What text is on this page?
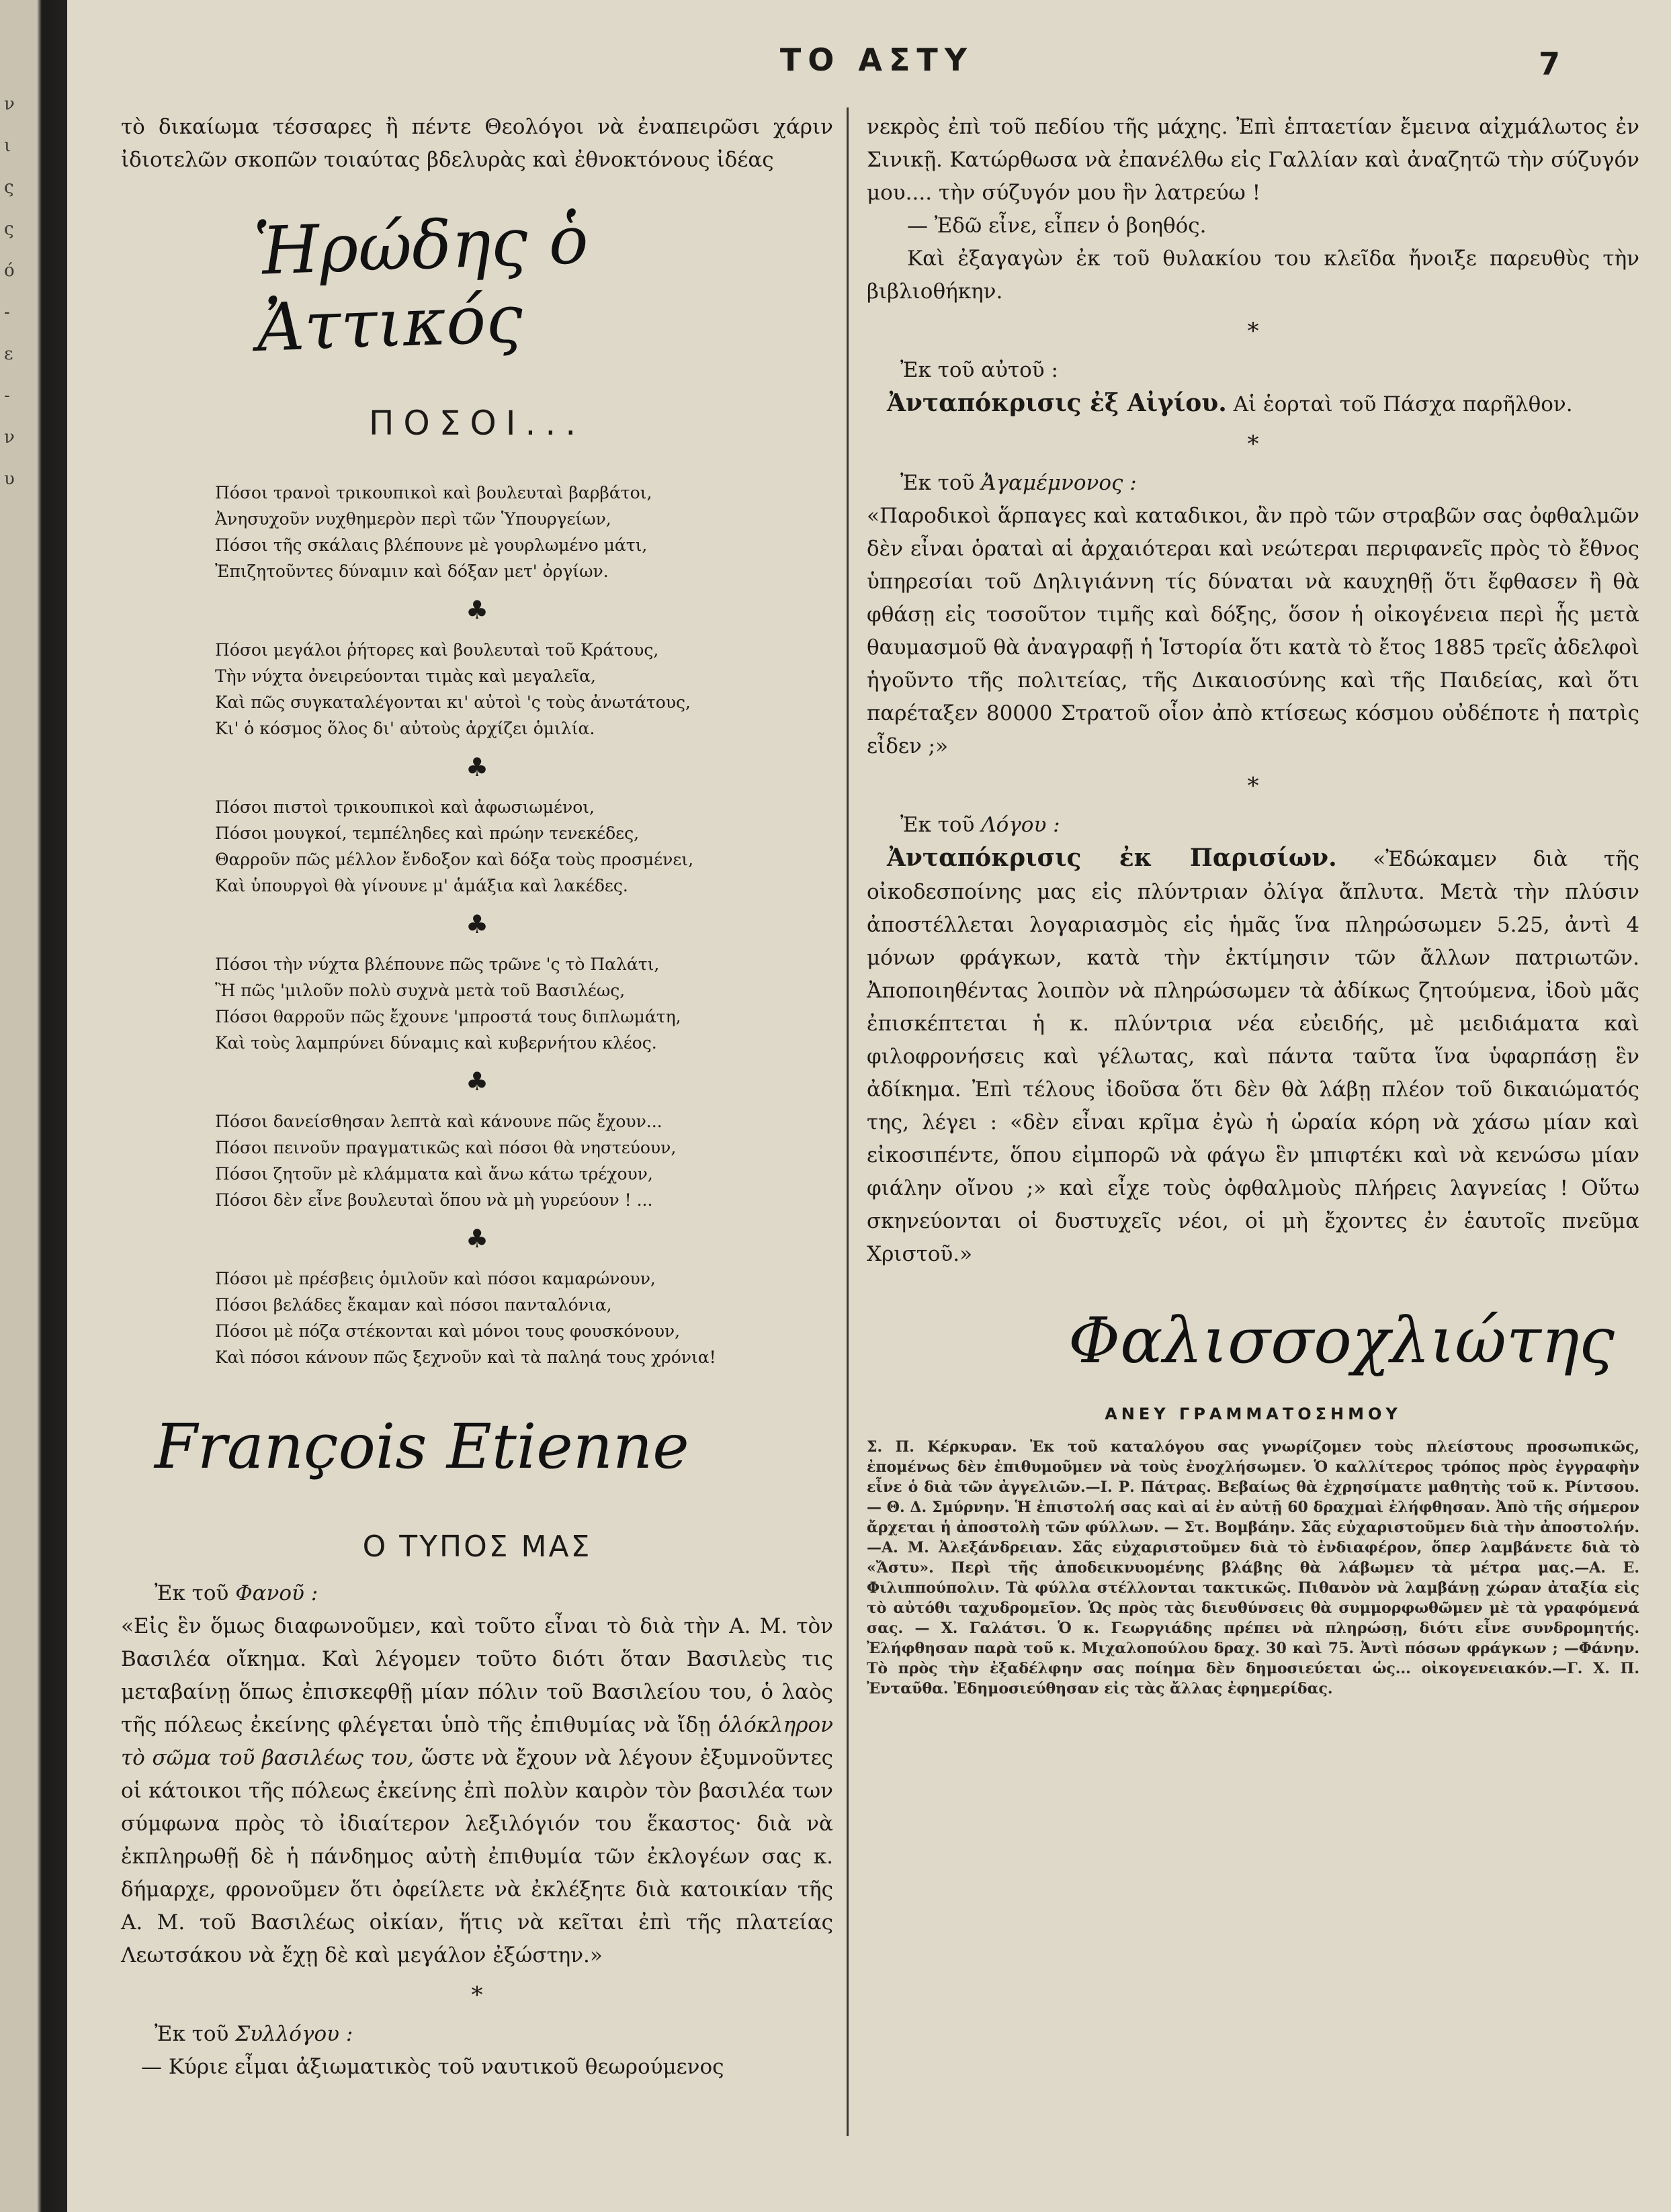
ν
ι
ς
ς
ό
-
ε
-
ν
υ
ΤΟ ΑΣΤΥ	7

τὸ δικαίωμα τέσσαρες ἢ πέντε Θεολόγοι νὰ ἐναπειρῶσι χάριν ἰδιοτελῶν σκοπῶν τοιαύτας βδελυρὰς καὶ ἐθνοκτόνους ἰδέας

Ἡρώδης ὁ Ἀττικός
ΠΟΣΟΙ...
Πόσοι τρανοὶ τρικουπικοὶ καὶ βουλευταὶ βαρβάτοι,
Ἀνησυχοῦν νυχθημερὸν περὶ τῶν Ὑπουργείων,
Πόσοι τῆς σκάλαις βλέπουνε μὲ γουρλωμένο μάτι,
Ἐπιζητοῦντες δύναμιν καὶ δόξαν μετ' ὀργίων.
♣
Πόσοι μεγάλοι ῥήτορες καὶ βουλευταὶ τοῦ Κράτους,
Τὴν νύχτα ὀνειρεύονται τιμὰς καὶ μεγαλεῖα,
Καὶ πῶς συγκαταλέγονται κι' αὐτοὶ 'ς τοὺς ἀνωτάτους,
Κι' ὁ κόσμος ὅλος δι' αὐτοὺς ἀρχίζει ὁμιλία.
♣
Πόσοι πιστοὶ τρικουπικοὶ καὶ ἀφωσιωμένοι,
Πόσοι μουγκοί, τεμπέληδες καὶ πρώην τενεκέδες,
Θαρροῦν πῶς μέλλον ἔνδοξον καὶ δόξα τοὺς προσμένει,
Καὶ ὑπουργοὶ θὰ γίνουνε μ' ἁμάξια καὶ λακέδες.
♣
Πόσοι τὴν νύχτα βλέπουνε πῶς τρῶνε 'ς τὸ Παλάτι,
Ἢ πῶς 'μιλοῦν πολὺ συχνὰ μετὰ τοῦ Βασιλέως,
Πόσοι θαρροῦν πῶς ἔχουνε 'μπροστά τους διπλωμάτη,
Καὶ τοὺς λαμπρύνει δύναμις καὶ κυβερνήτου κλέος.
♣
Πόσοι δανείσθησαν λεπτὰ καὶ κάνουνε πῶς ἔχουν...
Πόσοι πεινοῦν πραγματικῶς καὶ πόσοι θὰ νηστεύουν,
Πόσοι ζητοῦν μὲ κλάμματα καὶ ἄνω κάτω τρέχουν,
Πόσοι δὲν εἶνε βουλευταὶ ὅπου νὰ μὴ γυρεύουν ! ...
♣
Πόσοι μὲ πρέσβεις ὁμιλοῦν καὶ πόσοι καμαρώνουν,
Πόσοι βελάδες ἔκαμαν καὶ πόσοι πανταλόνια,
Πόσοι μὲ πόζα στέκονται καὶ μόνοι τους φουσκόνουν,
Καὶ πόσοι κάνουν πῶς ξεχνοῦν καὶ τὰ παληά τους χρόνια!
François Etienne
Ο ΤΥΠΟΣ ΜΑΣ

Ἐκ τοῦ Φανοῦ :

«Εἰς ἓν ὅμως διαφωνοῦμεν, καὶ τοῦτο εἶναι τὸ διὰ τὴν Α. Μ. τὸν Βασιλέα οἴκημα. Καὶ λέγομεν τοῦτο διότι ὅταν Βασιλεὺς τις μεταβαίνῃ ὅπως ἐπισκεφθῇ μίαν πόλιν τοῦ Βασιλείου του, ὁ λαὸς τῆς πόλεως ἐκείνης φλέγεται ὑπὸ τῆς ἐπιθυμίας νὰ ἴδῃ ὁλόκληρον τὸ σῶμα τοῦ βασιλέως του, ὥστε νὰ ἔχουν νὰ λέγουν ἐξυμνοῦντες οἱ κάτοικοι τῆς πόλεως ἐκείνης ἐπὶ πολὺν καιρὸν τὸν βασιλέα των σύμφωνα πρὸς τὸ ἰδιαίτερον λεξιλόγιόν του ἕκαστος· διὰ νὰ ἐκπληρωθῇ δὲ ἡ πάνδημος αὐτὴ ἐπιθυμία τῶν ἐκλογέων σας κ. δήμαρχε, φρονοῦμεν ὅτι ὀφείλετε νὰ ἐκλέξητε διὰ κατοικίαν τῆς Α. Μ. τοῦ Βασιλέως οἰκίαν, ἥτις νὰ κεῖται ἐπὶ τῆς πλατείας Λεωτσάκου νὰ ἔχῃ δὲ καὶ μεγάλον ἐξώστην.»

*

Ἐκ τοῦ Συλλόγου :

— Κύριε εἶμαι ἀξιωματικὸς τοῦ ναυτικοῦ θεωρούμενος

νεκρὸς ἐπὶ τοῦ πεδίου τῆς μάχης. Ἐπὶ ἑπταετίαν ἔμεινα αἰχμάλωτος ἐν Σινικῇ. Κατώρθωσα νὰ ἐπανέλθω εἰς Γαλλίαν καὶ ἀναζητῶ τὴν σύζυγόν μου.... τὴν σύζυγόν μου ἣν λατρεύω !

— Ἐδῶ εἶνε, εἶπεν ὁ βοηθός.

Καὶ ἐξαγαγὼν ἐκ τοῦ θυλακίου του κλεῖδα ἤνοιξε παρευθὺς τὴν βιβλιοθήκην.

*

Ἐκ τοῦ αὐτοῦ :

Ἀνταπόκρισις ἐξ Αἰγίου. Αἱ ἑορταὶ τοῦ Πάσχα παρῆλθον.

*

Ἐκ τοῦ Ἀγαμέμνονος :

«Παροδικοὶ ἅρπαγες καὶ καταδικοι, ἂν πρὸ τῶν στραβῶν σας ὀφθαλμῶν δὲν εἶναι ὁραταὶ αἱ ἀρχαιότεραι καὶ νεώτεραι περιφανεῖς πρὸς τὸ ἔθνος ὑπηρεσίαι τοῦ Δηλιγιάννη τίς δύναται νὰ καυχηθῇ ὅτι ἔφθασεν ἢ θὰ φθάσῃ εἰς τοσοῦτον τιμῆς καὶ δόξης, ὅσον ἡ οἰκογένεια περὶ ἧς μετὰ θαυμασμοῦ θὰ ἀναγραφῇ ἡ Ἱστορία ὅτι κατὰ τὸ ἔτος 1885 τρεῖς ἀδελφοὶ ἡγοῦντο τῆς πολιτείας, τῆς Δικαιοσύνης καὶ τῆς Παιδείας, καὶ ὅτι παρέταξεν 80000 Στρατοῦ οἷον ἀπὸ κτίσεως κόσμου οὐδέποτε ἡ πατρὶς εἶδεν ;»

*

Ἐκ τοῦ Λόγου :

Ἀνταπόκρισις ἐκ Παρισίων. «Ἐδώκαμεν διὰ τῆς οἰκοδεσποίνης μας εἰς πλύντριαν ὀλίγα ἄπλυτα. Μετὰ τὴν πλύσιν ἀποστέλλεται λογαριασμὸς εἰς ἡμᾶς ἵνα πληρώσωμεν 5.25, ἀντὶ 4 μόνων φράγκων, κατὰ τὴν ἐκτίμησιν τῶν ἄλλων πατριωτῶν. Ἀποποιηθέντας λοιπὸν νὰ πληρώσωμεν τὰ ἀδίκως ζητούμενα, ἰδοὺ μᾶς ἐπισκέπτεται ἡ κ. πλύντρια νέα εὐειδής, μὲ μειδιάματα καὶ φιλοφρονήσεις καὶ γέλωτας, καὶ πάντα ταῦτα ἵνα ὑφαρπάσῃ ἓν ἀδίκημα. Ἐπὶ τέλους ἰδοῦσα ὅτι δὲν θὰ λάβῃ πλέον τοῦ δικαιώματός της, λέγει : «δὲν εἶναι κρῖμα ἐγὼ ἡ ὡραία κόρη νὰ χάσω μίαν καὶ εἰκοσιπέντε, ὅπου εἰμπορῶ νὰ φάγω ἓν μπιφτέκι καὶ νὰ κενώσω μίαν φιάλην οἴνου ;» καὶ εἶχε τοὺς ὀφθαλμοὺς πλήρεις λαγνείας ! Οὕτω σκηνεύονται οἱ δυστυχεῖς νέοι, οἱ μὴ ἔχοντες ἐν ἑαυτοῖς πνεῦμα Χριστοῦ.»

Φαλισσοχλιώτης
ΑΝΕΥ ΓΡΑΜΜΑΤΟΣΗΜΟΥ

Σ. Π. Κέρκυραν. Ἐκ τοῦ καταλόγου σας γνωρίζομεν τοὺς πλείστους προσωπικῶς, ἐπομένως δὲν ἐπιθυμοῦμεν νὰ τοὺς ἐνοχλήσωμεν. Ὁ καλλίτερος τρόπος πρὸς ἐγγραφὴν εἶνε ὁ διὰ τῶν ἀγγελιῶν.—Ι. Ρ. Πάτρας. Βεβαίως θὰ ἐχρησίματε μαθητὴς τοῦ κ. Ρίντσου. — Θ. Δ. Σμύρνην. Ἡ ἐπιστολή σας καὶ αἱ ἐν αὐτῇ 60 δραχμαὶ ἐλήφθησαν. Ἀπὸ τῆς σήμερον ἄρχεται ἡ ἀποστολὴ τῶν φύλλων. — Στ. Βομβάην. Σᾶς εὐχαριστοῦμεν διὰ τὴν ἀποστολήν.—Α. Μ. Ἀλεξάνδρειαν. Σᾶς εὐχαριστοῦμεν διὰ τὸ ἐνδιαφέρον, ὅπερ λαμβάνετε διὰ τὸ «Ἄστυ». Περὶ τῆς ἀποδεικνυομένης βλάβης θὰ λάβωμεν τὰ μέτρα μας.—Α. Ε. Φιλιππούπολιν. Τὰ φύλλα στέλλονται τακτικῶς. Πιθανὸν νὰ λαμβάνῃ χώραν ἀταξία εἰς τὸ αὐτόθι ταχυδρομεῖον. Ὡς πρὸς τὰς διευθύνσεις θὰ συμμορφωθῶμεν μὲ τὰ γραφόμενά σας. — Χ. Γαλάτσι. Ὁ κ. Γεωργιάδης πρέπει νὰ πληρώσῃ, διότι εἶνε συνδρομητής. Ἐλήφθησαν παρὰ τοῦ κ. Μιχαλοπούλου δραχ. 30 καὶ 75. Ἀντὶ πόσων φράγκων ; —Φάνην. Τὸ πρὸς τὴν ἐξαδέλφην σας ποίημα δὲν δημοσιεύεται ὡς... οἰκογενειακόν.—Γ. Χ. Π. Ἐνταῦθα. Ἐδημοσιεύθησαν εἰς τὰς ἄλλας ἐφημερίδας.
